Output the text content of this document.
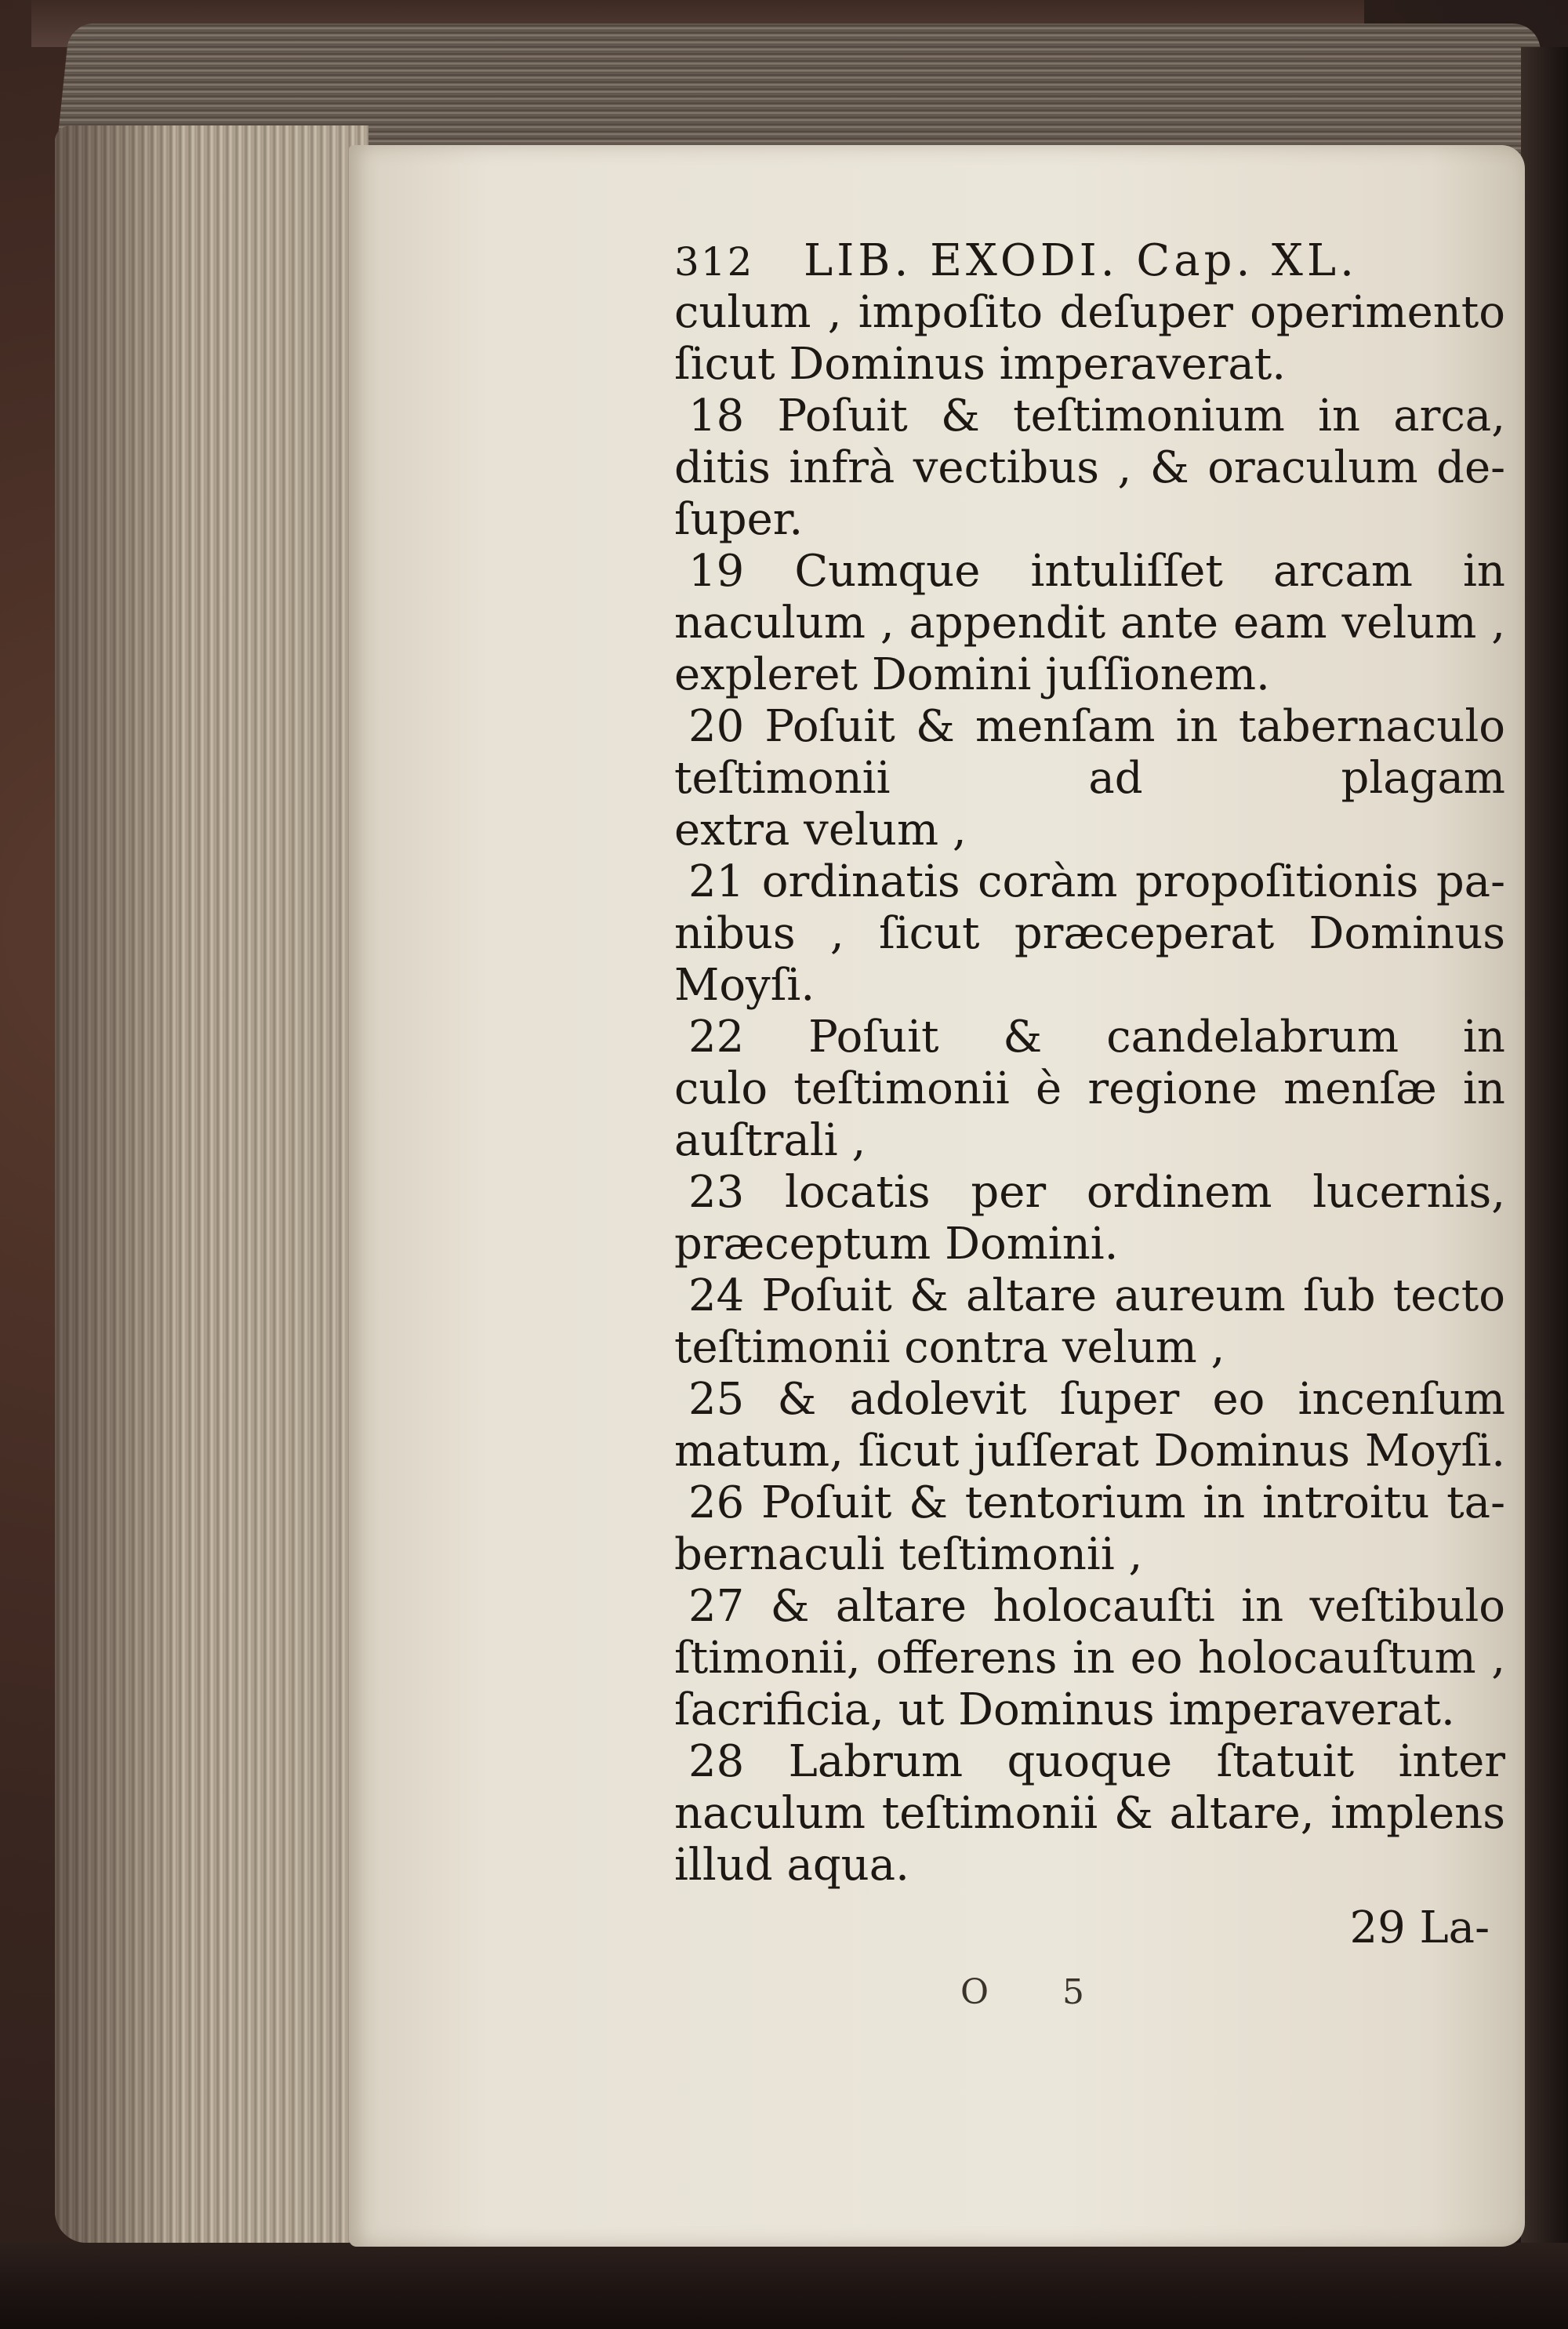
312	LIB. EXODI. Cap. XL.
culum , impoſito deſuper operimento
ſicut Dominus imperaverat.
18 Poſuit & teſtimonium in arca,
ditis infrà vectibus , & oraculum de-
ſuper.
19 Cumque intuliſſet arcam in
naculum , appendit ante eam velum ,
expleret Domini juſſionem.
20 Poſuit & menſam in tabernaculo
teſtimonii ad plagam
extra velum ,
21 ordinatis coràm propoſitionis pa-
nibus , ſicut præceperat Dominus
Moyſi.
22 Poſuit & candelabrum in
culo teſtimonii è regione menſæ in
auſtrali ,
23 locatis per ordinem lucernis,
præceptum Domini.
24 Poſuit & altare aureum ſub tecto
teſtimonii contra velum ,
25 & adolevit ſuper eo incenſum
matum, ſicut juſſerat Dominus Moyſi.
26 Poſuit & tentorium in introitu ta-
bernaculi teſtimonii ,
27 & altare holocauſti in veſtibulo
ſtimonii, offerens in eo holocauſtum ,
ſacrificia, ut Dominus imperaverat.
28 Labrum quoque ſtatuit inter
naculum teſtimonii & altare, implens
illud aqua.
29 La-
O 5
